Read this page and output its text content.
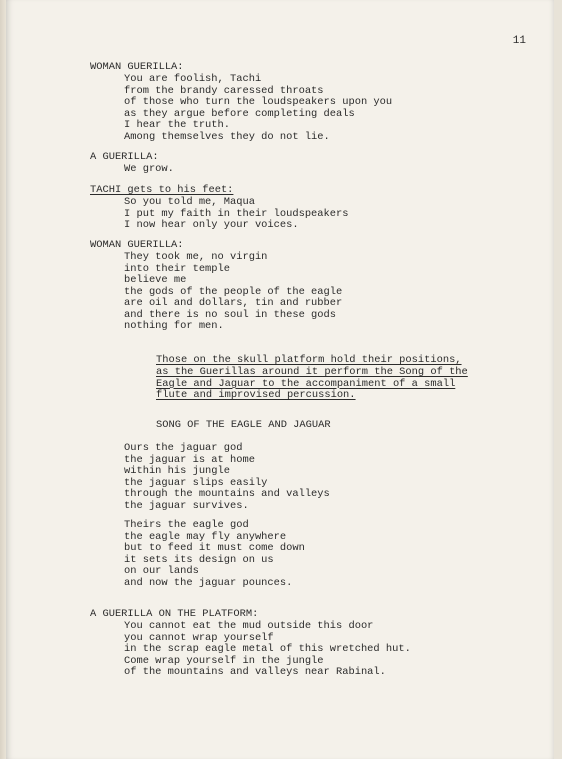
11
WOMAN GUERILLA:
You are foolish, Tachi
from the brandy caressed throats
of those who turn the loudspeakers upon you
as they argue before completing deals
I hear the truth.
Among themselves they do not lie.
A GUERILLA:
We grow.
TACHI gets to his feet:
So you told me, Maqua
I put my faith in their loudspeakers
I now hear only your voices.
WOMAN GUERILLA:
They took me, no virgin
into their temple
believe me
the gods of the people of the eagle
are oil and dollars, tin and rubber
and there is no soul in these gods
nothing for men.
Those on the skull platform hold their positions,
as the Guerillas around it perform the Song of the
Eagle and Jaguar to the accompaniment of a small
flute and improvised percussion.
SONG OF THE EAGLE AND JAGUAR
Ours the jaguar god
the jaguar is at home
within his jungle
the jaguar slips easily
through the mountains and valleys
the jaguar survives.
Theirs the eagle god
the eagle may fly anywhere
but to feed it must come down
it sets its design on us
on our lands
and now the jaguar pounces.
A GUERILLA ON THE PLATFORM:
You cannot eat the mud outside this door
you cannot wrap yourself
in the scrap eagle metal of this wretched hut.
Come wrap yourself in the jungle
of the mountains and valleys near Rabinal.
